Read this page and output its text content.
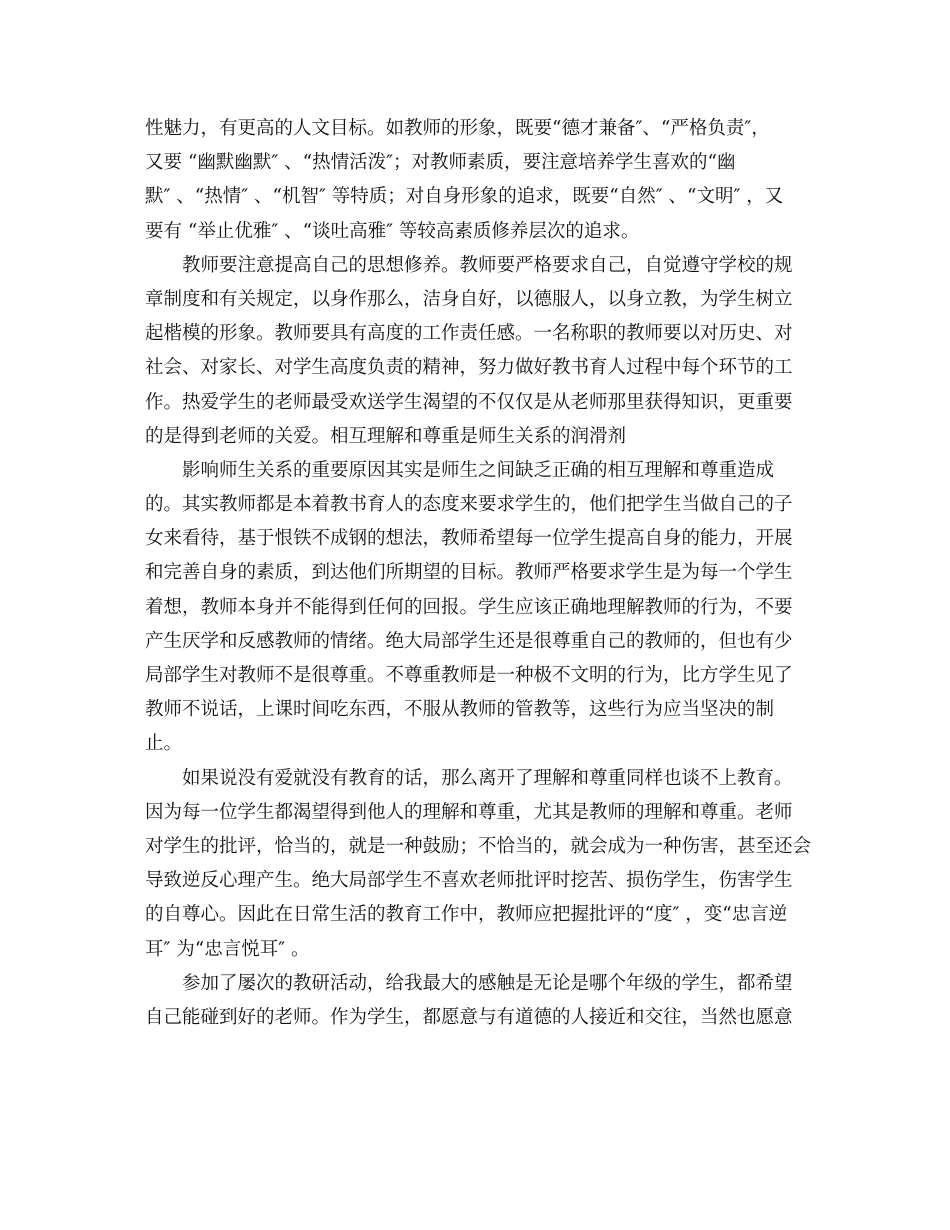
性魅力，有更高的人文目标。如教师的形象，既要“德才兼备″、“严格负责″，
又要 “幽默幽默″ 、“热情活泼″；对教师素质，要注意培养学生喜欢的“幽
默″ 、“热情″ 、“机智″ 等特质；对自身形象的追求，既要“自然″ 、“文明″ ，又
要有 “举止优雅″ 、“谈吐高雅″ 等较高素质修养层次的追求。
教师要注意提高自己的思想修养。教师要严格要求自己，自觉遵守学校的规
章制度和有关规定，以身作那么，洁身自好，以德服人，以身立教，为学生树立
起楷模的形象。教师要具有高度的工作责任感。一名称职的教师要以对历史、对
社会、对家长、对学生高度负责的精神，努力做好教书育人过程中每个环节的工
作。热爱学生的老师最受欢送学生渴望的不仅仅是从老师那里获得知识，更重要
的是得到老师的关爱。相互理解和尊重是师生关系的润滑剂
影响师生关系的重要原因其实是师生之间缺乏正确的相互理解和尊重造成
的。其实教师都是本着教书育人的态度来要求学生的，他们把学生当做自己的子
女来看待，基于恨铁不成钢的想法，教师希望每一位学生提高自身的能力，开展
和完善自身的素质，到达他们所期望的目标。教师严格要求学生是为每一个学生
着想，教师本身并不能得到任何的回报。学生应该正确地理解教师的行为，不要
产生厌学和反感教师的情绪。绝大局部学生还是很尊重自己的教师的，但也有少
局部学生对教师不是很尊重。不尊重教师是一种极不文明的行为，比方学生见了
教师不说话，上课时间吃东西，不服从教师的管教等，这些行为应当坚决的制
止。
如果说没有爱就没有教育的话，那么离开了理解和尊重同样也谈不上教育。
因为每一位学生都渴望得到他人的理解和尊重，尤其是教师的理解和尊重。老师
对学生的批评，恰当的，就是一种鼓励；不恰当的，就会成为一种伤害，甚至还会
导致逆反心理产生。绝大局部学生不喜欢老师批评时挖苦、损伤学生，伤害学生
的自尊心。因此在日常生活的教育工作中，教师应把握批评的“度″ ，变“忠言逆
耳″ 为“忠言悦耳″ 。
参加了屡次的教研活动，给我最大的感触是无论是哪个年级的学生，都希望
自己能碰到好的老师。作为学生，都愿意与有道德的人接近和交往，当然也愿意
